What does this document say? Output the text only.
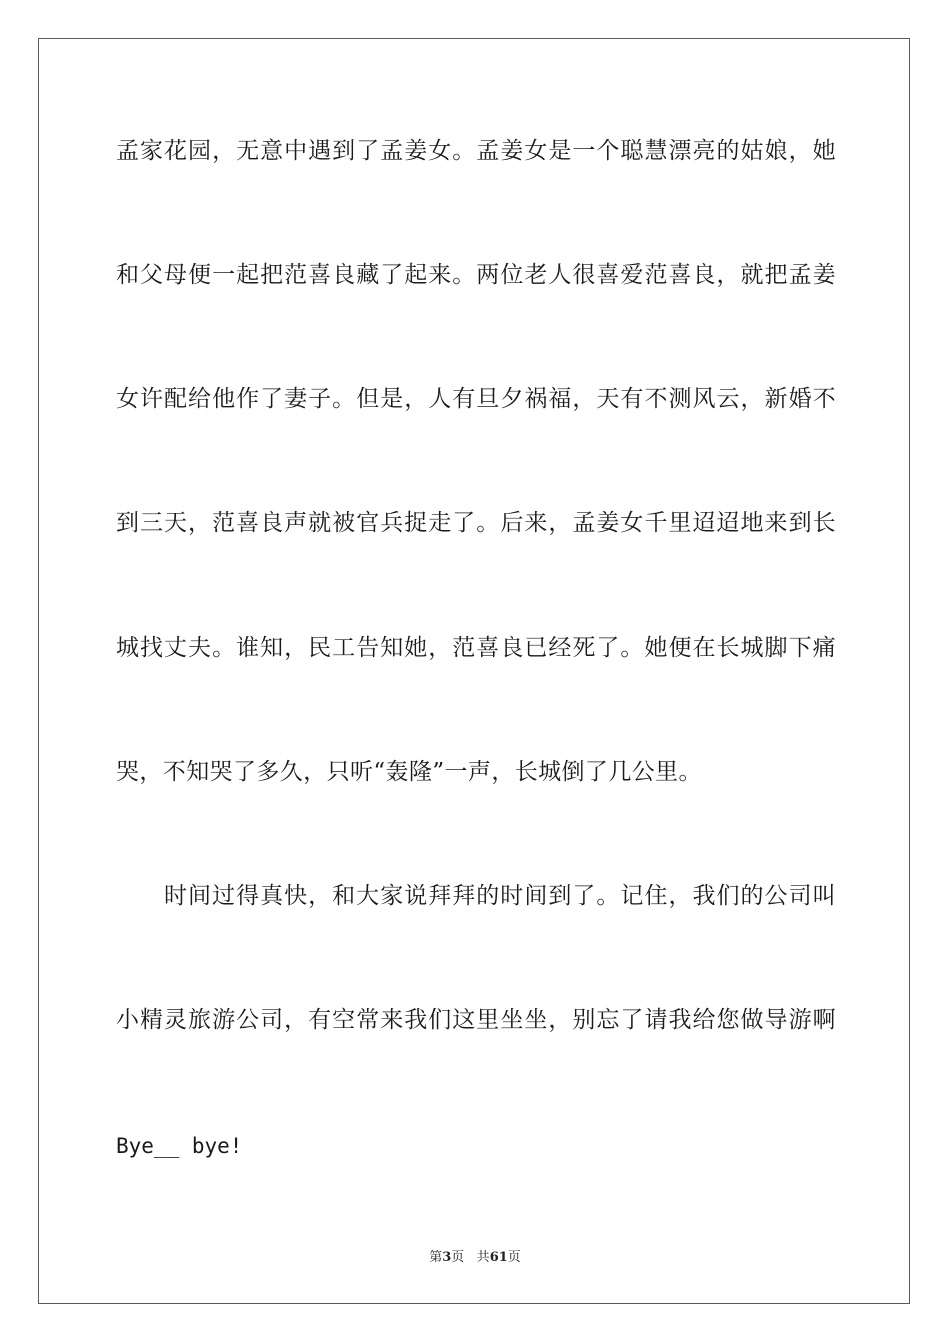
孟家花园，无意中遇到了孟姜女。孟姜女是一个聪慧漂亮的姑娘，她
和父母便一起把范喜良藏了起来。两位老人很喜爱范喜良，就把孟姜
女许配给他作了妻子。但是，人有旦夕祸福，天有不测风云，新婚不
到三天，范喜良声就被官兵捉走了。后来，孟姜女千里迢迢地来到长
城找丈夫。谁知，民工告知她，范喜良已经死了。她便在长城脚下痛
哭，不知哭了多久，只听“轰隆”一声，长城倒了几公里。
时间过得真快，和大家说拜拜的时间到了。记住，我们的公司叫
小精灵旅游公司，有空常来我们这里坐坐，别忘了请我给您做导游啊
Bye__ bye!
第3页 共61页
